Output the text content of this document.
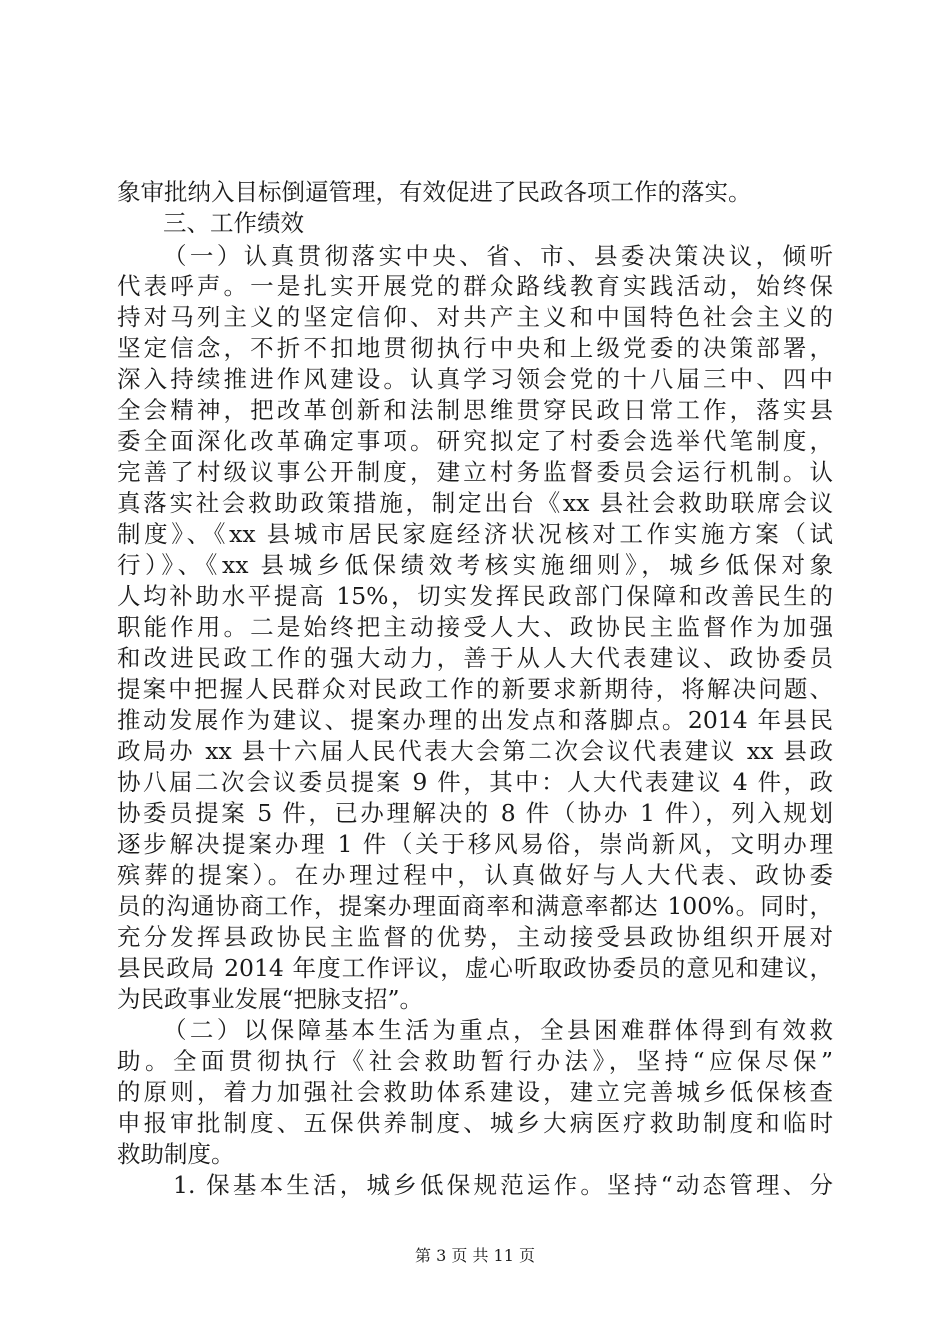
象审批纳入目标倒逼管理，有效促进了民政各项工作的落实。
三、工作绩效
（一）认真贯彻落实中央、省、市、县委决策决议，倾听
代表呼声。一是扎实开展党的群众路线教育实践活动，始终保
持对马列主义的坚定信仰、对共产主义和中国特色社会主义的
坚定信念，不折不扣地贯彻执行中央和上级党委的决策部署，
深入持续推进作风建设。认真学习领会党的十八届三中、四中
全会精神，把改革创新和法制思维贯穿民政日常工作，落实县
委全面深化改革确定事项。研究拟定了村委会选举代笔制度，
完善了村级议事公开制度，建立村务监督委员会运行机制。认
真落实社会救助政策措施，制定出台《xx 县社会救助联席会议
制度》、《xx 县城市居民家庭经济状况核对工作实施方案（试
行）》、《xx 县城乡低保绩效考核实施细则》，城乡低保对象
人均补助水平提高 15%，切实发挥民政部门保障和改善民生的
职能作用。二是始终把主动接受人大、政协民主监督作为加强
和改进民政工作的强大动力，善于从人大代表建议、政协委员
提案中把握人民群众对民政工作的新要求新期待，将解决问题、
推动发展作为建议、提案办理的出发点和落脚点。2014 年县民
政局办 xx 县十六届人民代表大会第二次会议代表建议 xx 县政
协八届二次会议委员提案 9 件，其中：人大代表建议 4 件，政
协委员提案 5 件，已办理解决的 8 件（协办 1 件），列入规划
逐步解决提案办理 1 件（关于移风易俗，崇尚新风，文明办理
殡葬的提案）。在办理过程中，认真做好与人大代表、政协委
员的沟通协商工作，提案办理面商率和满意率都达 100%。同时，
充分发挥县政协民主监督的优势，主动接受县政协组织开展对
县民政局 2014 年度工作评议，虚心听取政协委员的意见和建议，
为民政事业发展“把脉支招”。
（二）以保障基本生活为重点，全县困难群体得到有效救
助。全面贯彻执行《社会救助暂行办法》，坚持“应保尽保”
的原则，着力加强社会救助体系建设，建立完善城乡低保核查
申报审批制度、五保供养制度、城乡大病医疗救助制度和临时
救助制度。
1. 保基本生活，城乡低保规范运作。坚持“动态管理、分
第 3 页 共 11 页
